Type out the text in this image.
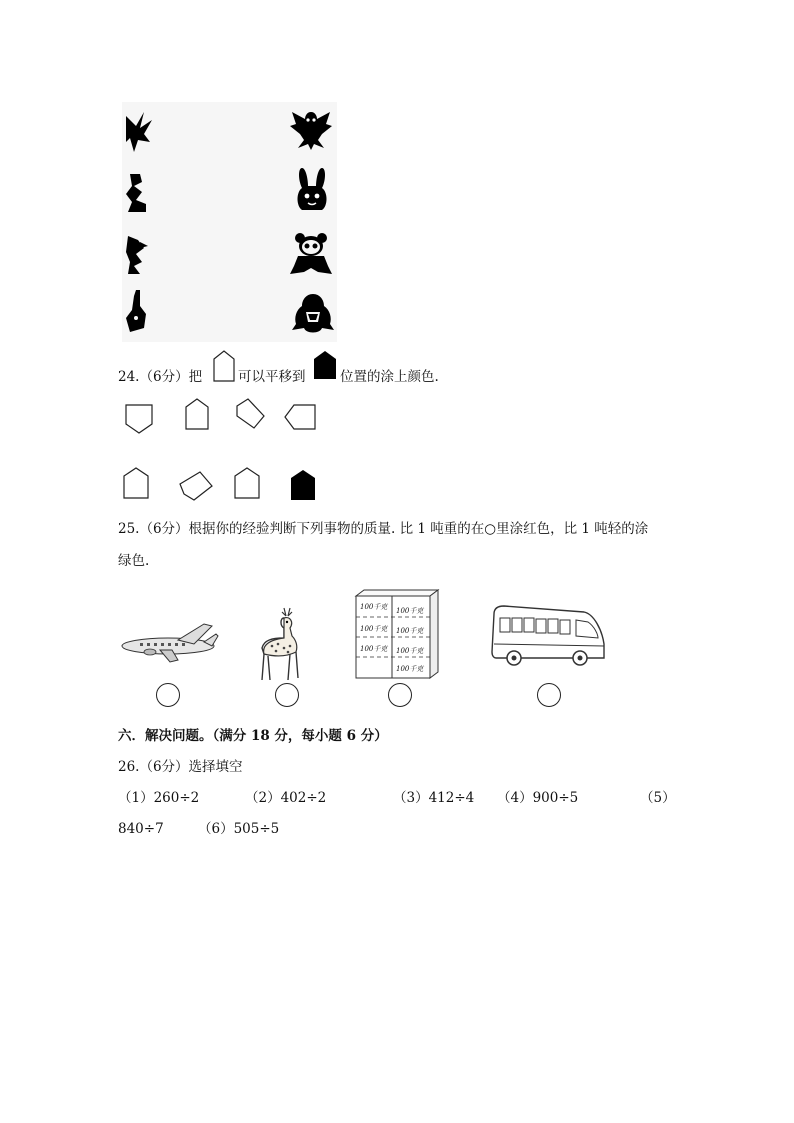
24.（6分）把	可以平移到	位置的涂上颜色.
25.（6分）根据你的经验判断下列事物的质量. 比 1 吨重的在○里涂红色，比 1 吨轻的涂
绿色.
100千克 100千克
100千克 100千克
100千克 100千克
100千克
六．解决问题。（满分 18 分，每小题 6 分）
26.（6分）选择填空
（1）260÷2	（2）402÷2	（3）412÷4 （4）900÷5	（5）
840÷7	（6）505÷5
